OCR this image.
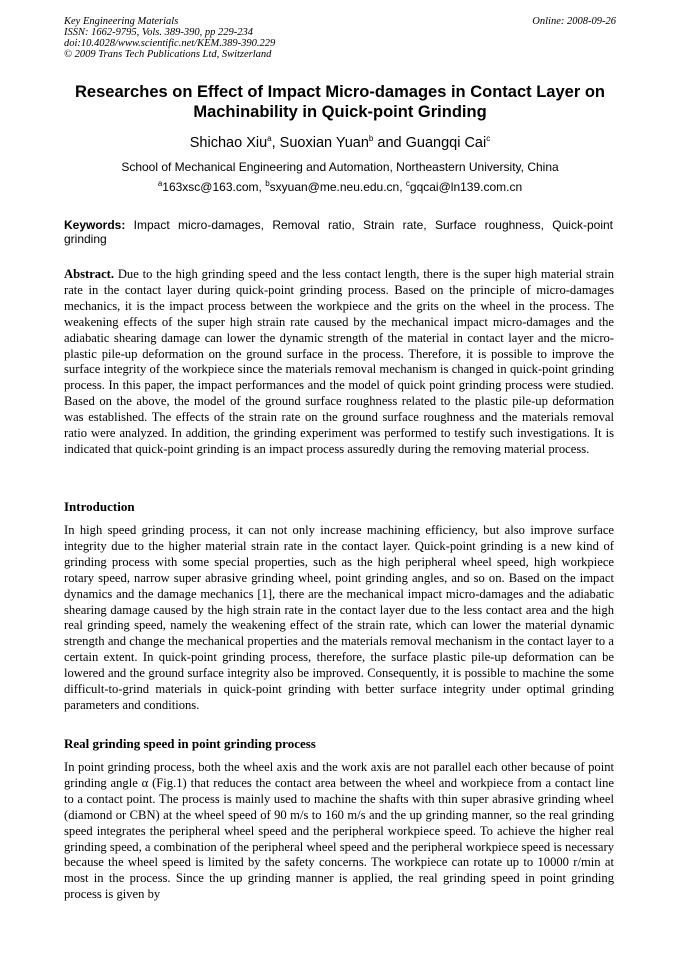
Key Engineering Materials
ISSN: 1662-9795, Vols. 389-390, pp 229-234
doi:10.4028/www.scientific.net/KEM.389-390.229
© 2009 Trans Tech Publications Ltd, Switzerland
Online: 2008-09-26
Researches on Effect of Impact Micro-damages in Contact Layer on Machinability in Quick-point Grinding
Shichao Xiu$^a$, Suoxian Yuan$^b$ and Guangqi Cai$^c$
School of Mechanical Engineering and Automation, Northeastern University, China
$^a$163xsc@163.com, $^b$sxyuan@me.neu.edu.cn, $^c$gqcai@ln139.com.cn
Keywords: Impact micro-damages, Removal ratio, Strain rate, Surface roughness, Quick-point grinding
Abstract. Due to the high grinding speed and the less contact length, there is the super high material strain rate in the contact layer during quick-point grinding process. Based on the principle of micro-damages mechanics, it is the impact process between the workpiece and the grits on the wheel in the process. The weakening effects of the super high strain rate caused by the mechanical impact micro-damages and the adiabatic shearing damage can lower the dynamic strength of the material in contact layer and the micro-plastic pile-up deformation on the ground surface in the process. Therefore, it is possible to improve the surface integrity of the workpiece since the materials removal mechanism is changed in quick-point grinding process. In this paper, the impact performances and the model of quick point grinding process were studied. Based on the above, the model of the ground surface roughness related to the plastic pile-up deformation was established. The effects of the strain rate on the ground surface roughness and the materials removal ratio were analyzed. In addition, the grinding experiment was performed to testify such investigations. It is indicated that quick-point grinding is an impact process assuredly during the removing material process.
Introduction
In high speed grinding process, it can not only increase machining efficiency, but also improve surface integrity due to the higher material strain rate in the contact layer. Quick-point grinding is a new kind of grinding process with some special properties, such as the high peripheral wheel speed, high workpiece rotary speed, narrow super abrasive grinding wheel, point grinding angles, and so on. Based on the impact dynamics and the damage mechanics [1], there are the mechanical impact micro-damages and the adiabatic shearing damage caused by the high strain rate in the contact layer due to the less contact area and the high real grinding speed, namely the weakening effect of the strain rate, which can lower the material dynamic strength and change the mechanical properties and the materials removal mechanism in the contact layer to a certain extent. In quick-point grinding process, therefore, the surface plastic pile-up deformation can be lowered and the ground surface integrity also be improved. Consequently, it is possible to machine the some difficult-to-grind materials in quick-point grinding with better surface integrity under optimal grinding parameters and conditions.
Real grinding speed in point grinding process
In point grinding process, both the wheel axis and the work axis are not parallel each other because of point grinding angle α (Fig.1) that reduces the contact area between the wheel and workpiece from a contact line to a contact point. The process is mainly used to machine the shafts with thin super abrasive grinding wheel (diamond or CBN) at the wheel speed of 90 m/s to 160 m/s and the up grinding manner, so the real grinding speed integrates the peripheral wheel speed and the peripheral workpiece speed. To achieve the higher real grinding speed, a combination of the peripheral wheel speed and the peripheral workpiece speed is necessary because the wheel speed is limited by the safety concerns. The workpiece can rotate up to 10000 r/min at most in the process. Since the up grinding manner is applied, the real grinding speed in point grinding process is given by
